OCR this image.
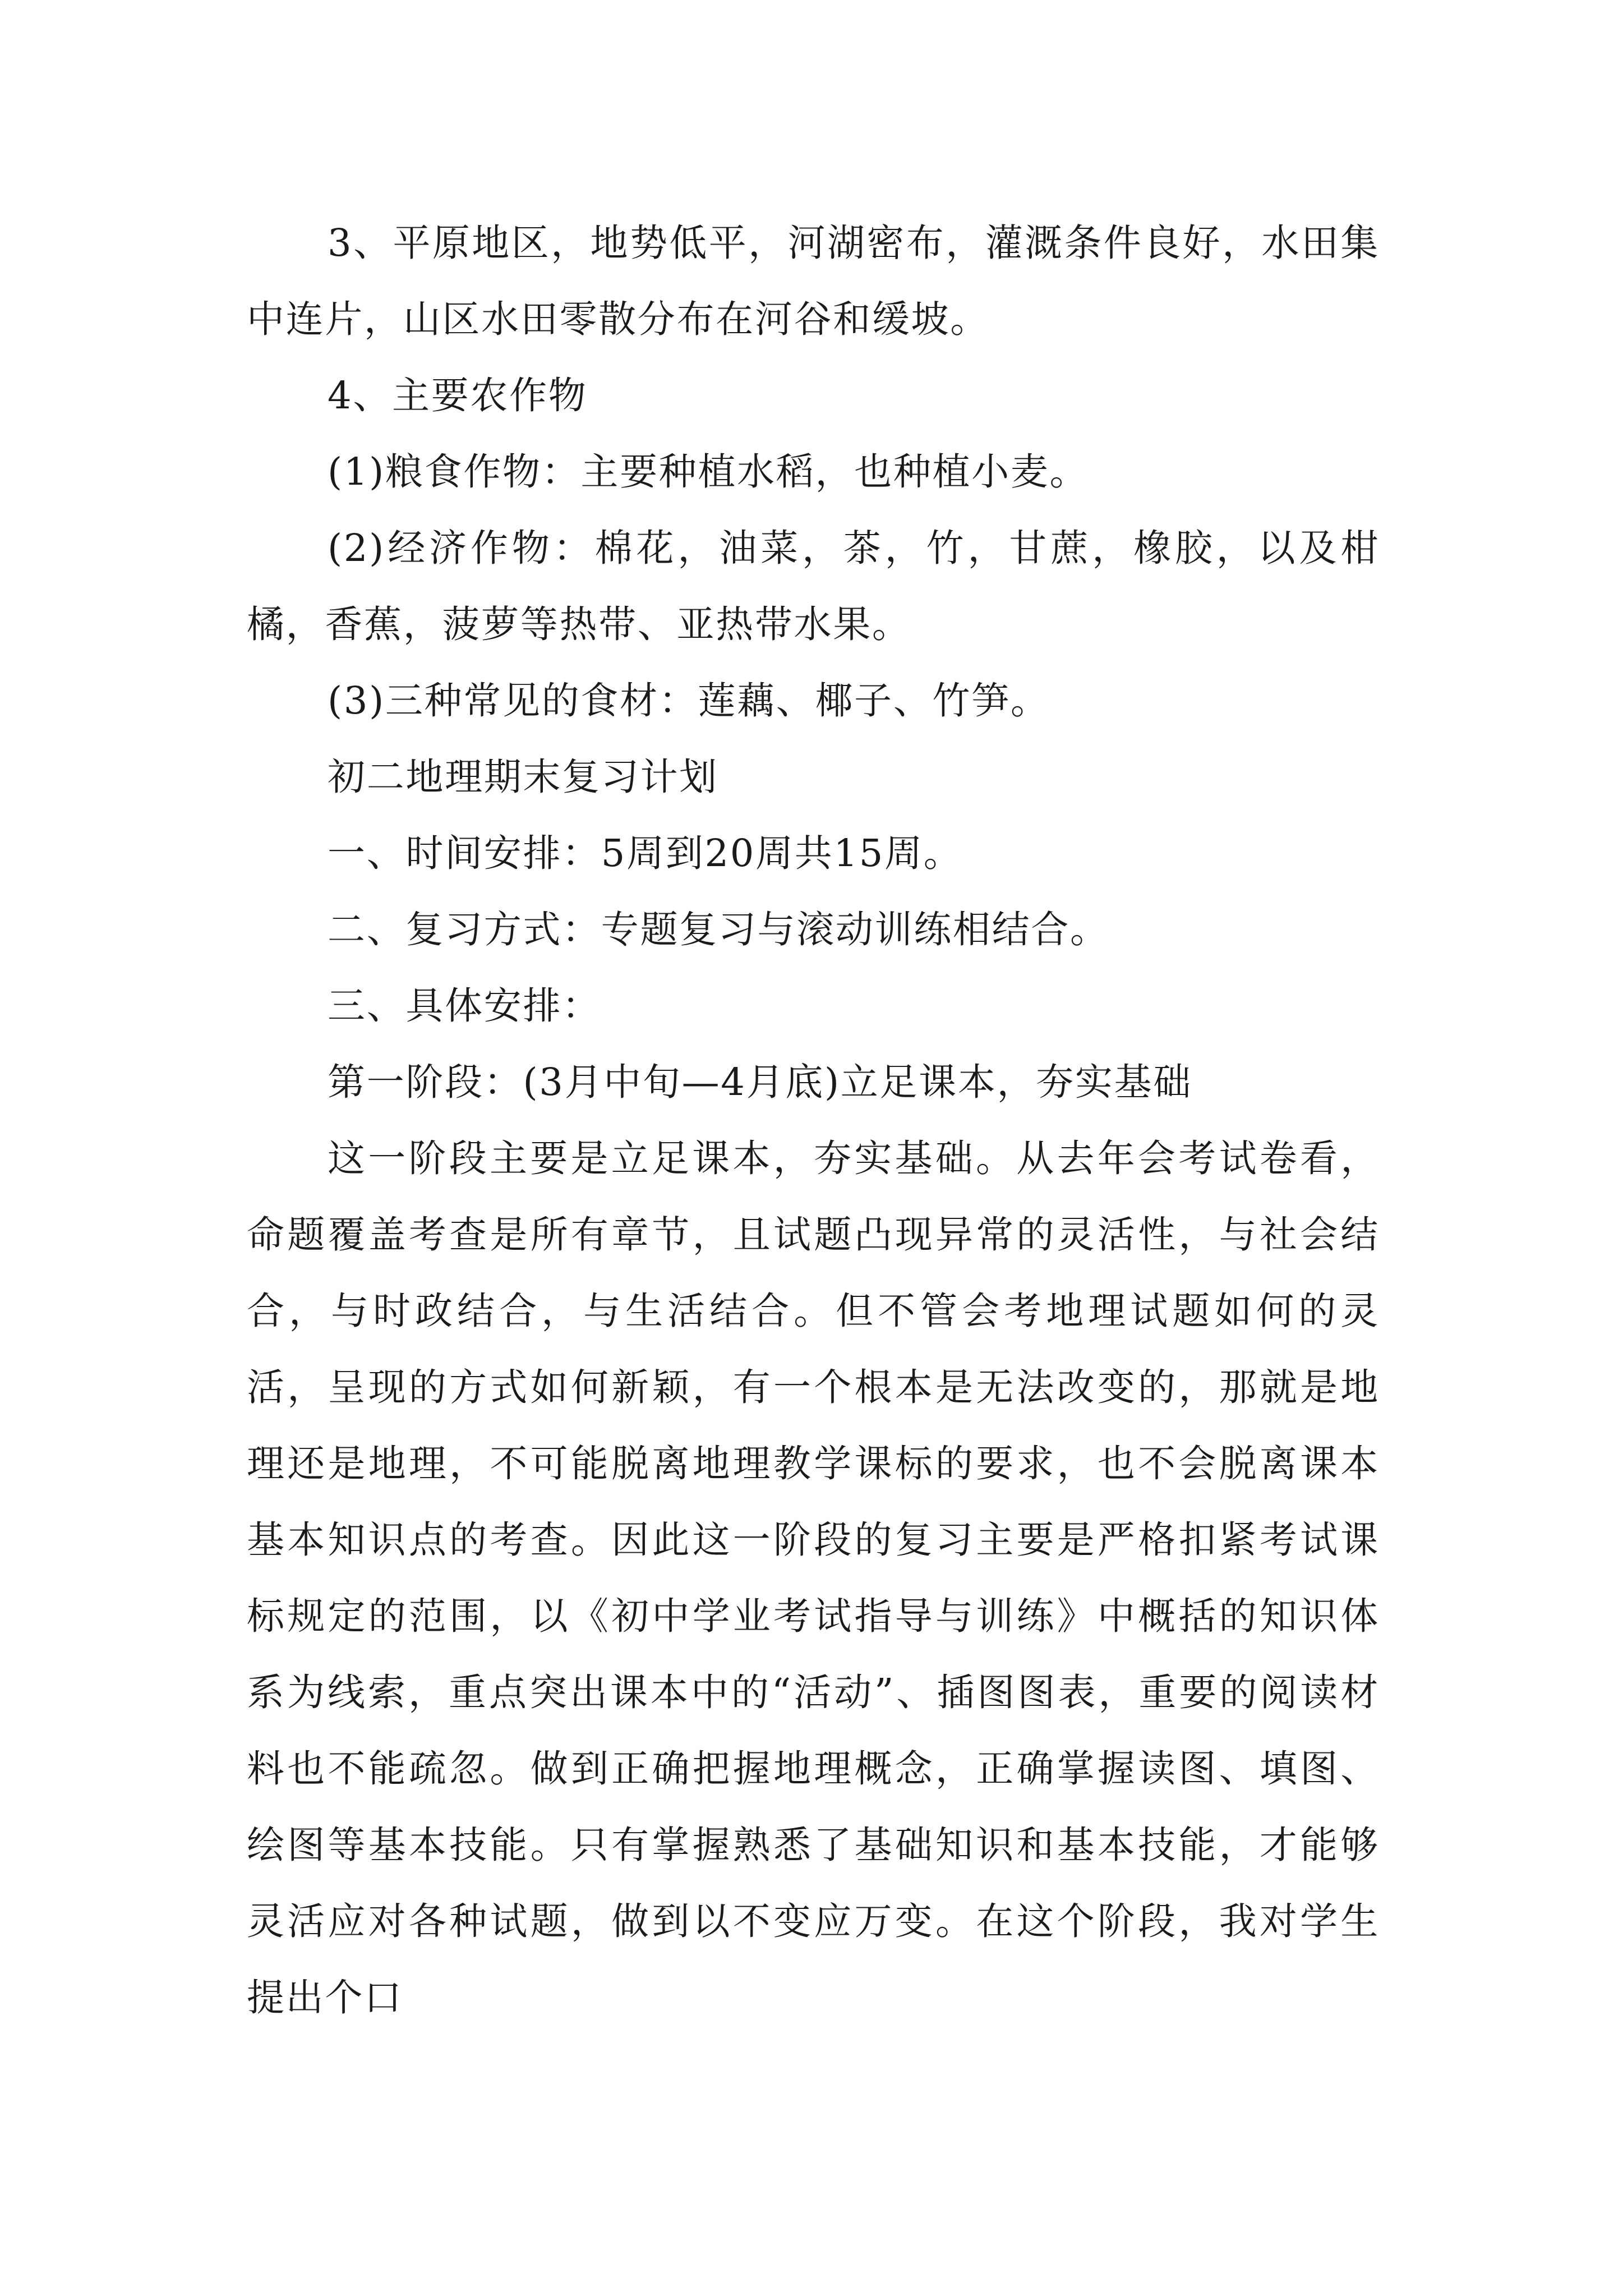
3、平原地区，地势低平，河湖密布，灌溉条件良好，水田集中连片，山区水田零散分布在河谷和缓坡。

4、主要农作物

(1)粮食作物：主要种植水稻，也种植小麦。

(2)经济作物：棉花，油菜，茶，竹，甘蔗，橡胶，以及柑橘，香蕉，菠萝等热带、亚热带水果。

(3)三种常见的食材：莲藕、椰子、竹笋。

初二地理期末复习计划

一、时间安排：5周到20周共15周。

二、复习方式：专题复习与滚动训练相结合。

三、具体安排：

第一阶段：(3月中旬—4月底)立足课本，夯实基础

这一阶段主要是立足课本，夯实基础。从去年会考试卷看，命题覆盖考查是所有章节，且试题凸现异常的灵活性，与社会结合，与时政结合，与生活结合。但不管会考地理试题如何的灵活，呈现的方式如何新颖，有一个根本是无法改变的，那就是地理还是地理，不可能脱离地理教学课标的要求，也不会脱离课本基本知识点的考查。因此这一阶段的复习主要是严格扣紧考试课标规定的范围，以《初中学业考试指导与训练》中概括的知识体系为线索，重点突出课本中的“活动”、插图图表，重要的阅读材料也不能疏忽。做到正确把握地理概念，正确掌握读图、填图、绘图等基本技能。只有掌握熟悉了基础知识和基本技能，才能够灵活应对各种试题，做到以不变应万变。在这个阶段，我对学生提出个口
